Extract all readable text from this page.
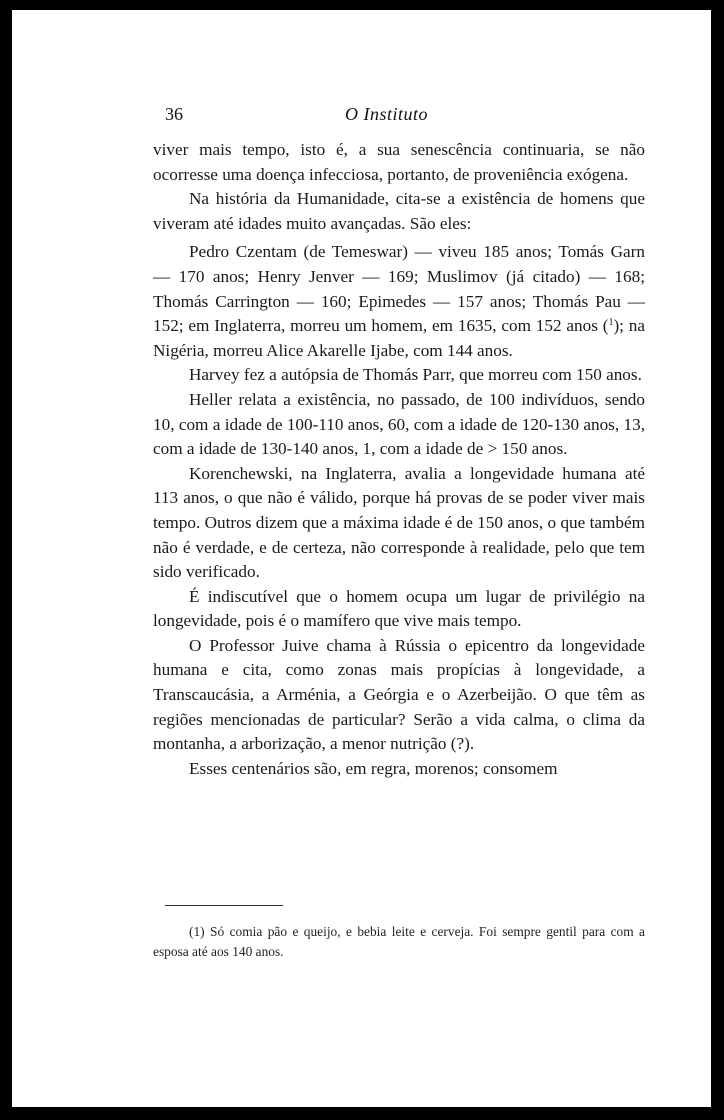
36	O Instituto

viver mais tempo, isto é, a sua senescência continuaria, se não ocorresse uma doença infecciosa, portanto, de proveniência exógena.

Na história da Humanidade, cita-se a existência de homens que viveram até idades muito avançadas. São eles:

Pedro Czentam (de Temeswar) — viveu 185 anos; Tomás Garn — 170 anos; Henry Jenver — 169; Muslimov (já citado) — 168; Thomás Carrington — 160; Epimedes — 157 anos; Thomás Pau — 152; em Inglaterra, morreu um homem, em 1635, com 152 anos ($^1$); na Nigéria, morreu Alice Akarelle Ijabe, com 144 anos.

Harvey fez a autópsia de Thomás Parr, que morreu com 150 anos.

Heller relata a existência, no passado, de 100 indivíduos, sendo 10, com a idade de 100-110 anos, 60, com a idade de 120-130 anos, 13, com a idade de 130-140 anos, 1, com a idade de > 150 anos.

Korenchewski, na Inglaterra, avalia a longevidade humana até 113 anos, o que não é válido, porque há provas de se poder viver mais tempo. Outros dizem que a máxima idade é de 150 anos, o que também não é verdade, e de certeza, não corresponde à realidade, pelo que tem sido verificado.

É indiscutível que o homem ocupa um lugar de privilégio na longevidade, pois é o mamífero que vive mais tempo.

O Professor Juive chama à Rússia o epicentro da longevidade humana e cita, como zonas mais propícias à longevidade, a Transcaucásia, a Arménia, a Geórgia e o Azerbeijão. O que têm as regiões mencionadas de particular? Serão a vida calma, o clima da montanha, a arborização, a menor nutrição (?).

Esses centenários são, em regra, morenos; consomem

(1) Só comia pão e queijo, e bebia leite e cerveja. Foi sempre gentil para com a esposa até aos 140 anos.
